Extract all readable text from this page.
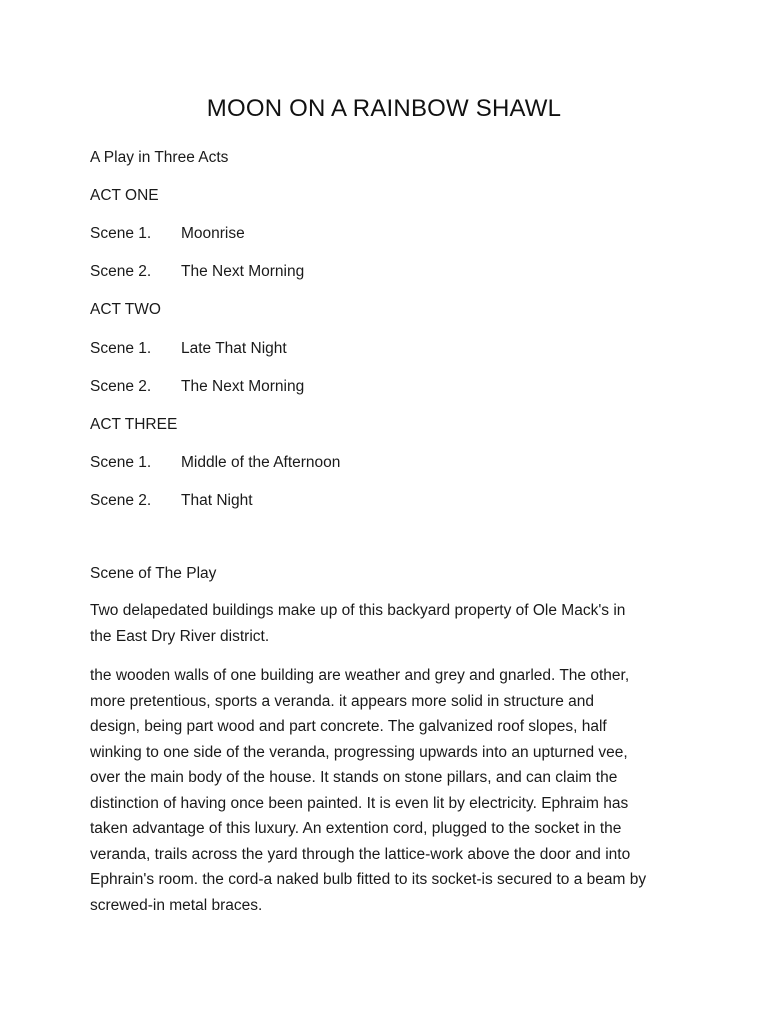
MOON ON A RAINBOW SHAWL
A Play in Three Acts
ACT ONE
Scene 1. Moonrise
Scene 2. The Next Morning
ACT TWO
Scene 1. Late That Night
Scene 2. The Next Morning
ACT THREE
Scene 1. Middle of the Afternoon
Scene 2. That Night
Scene of The Play
Two delapedated buildings make up of this backyard property of Ole Mack's in
the East Dry River district.
the wooden walls of one building are weather and grey and gnarled. The other,
more pretentious, sports a veranda. it appears more solid in structure and
design, being part wood and part concrete. The galvanized roof slopes, half
winking to one side of the veranda, progressing upwards into an upturned vee,
over the main body of the house. It stands on stone pillars, and can claim the
distinction of having once been painted. It is even lit by electricity. Ephraim has
taken advantage of this luxury. An extention cord, plugged to the socket in the
veranda, trails across the yard through the lattice-work above the door and into
Ephrain's room. the cord-a naked bulb fitted to its socket-is secured to a beam by
screwed-in metal braces.
